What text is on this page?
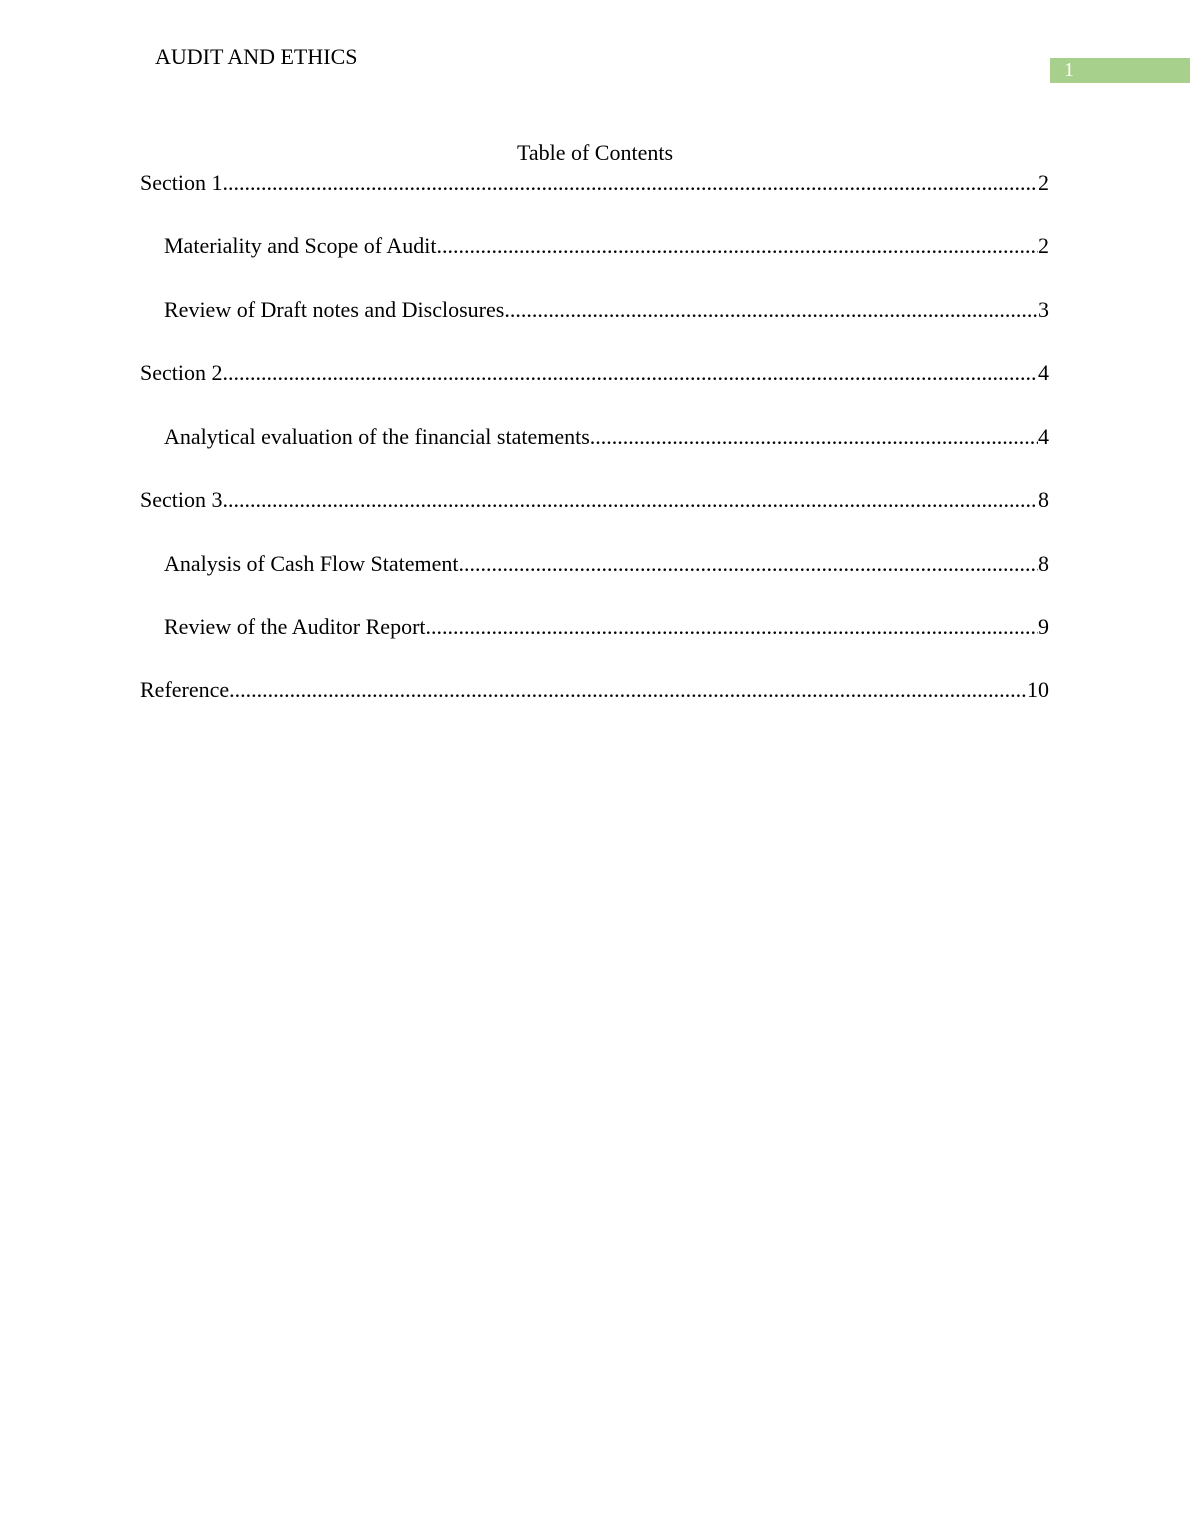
AUDIT AND ETHICS
1
Table of Contents
Section 1 .....	2
Materiality and Scope of Audit .....	2
Review of Draft notes and Disclosures .....	3
Section 2 .....	4
Analytical evaluation of the financial statements .....	4
Section 3 .....	8
Analysis of Cash Flow Statement .....	8
Review of the Auditor Report .....	9
Reference .....	10
